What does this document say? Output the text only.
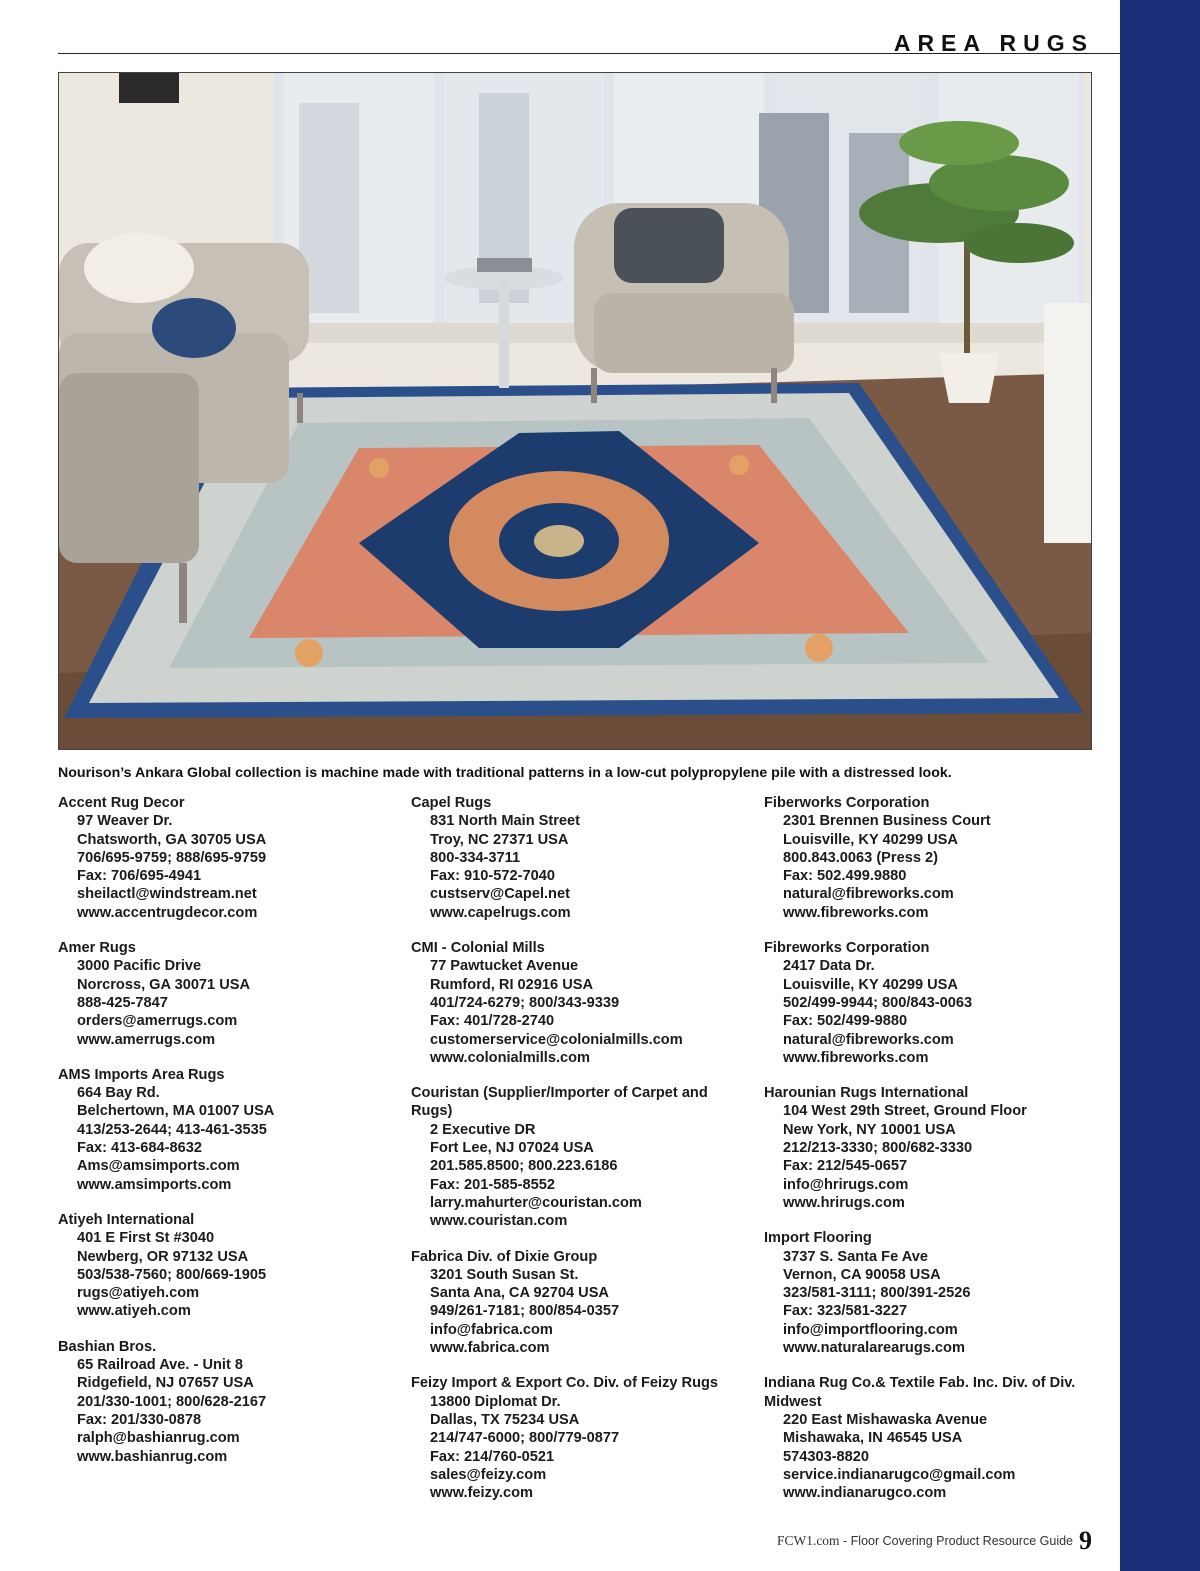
AREA RUGS
Nourison’s Ankara Global collection is machine made with traditional patterns in a low-cut polypropylene pile with a distressed look.
Accent Rug Decor
97 Weaver Dr.
Chatsworth, GA 30705 USA
706/695-9759; 888/695-9759
Fax: 706/695-4941
sheilactl@windstream.net
www.accentrugdecor.com
Amer Rugs
3000 Pacific Drive
Norcross, GA 30071 USA
888-425-7847
orders@amerrugs.com
www.amerrugs.com
AMS Imports Area Rugs
664 Bay Rd.
Belchertown, MA 01007 USA
413/253-2644; 413-461-3535
Fax: 413-684-8632
Ams@amsimports.com
www.amsimports.com
Atiyeh International
401 E First St #3040
Newberg, OR 97132 USA
503/538-7560; 800/669-1905
rugs@atiyeh.com
www.atiyeh.com
Bashian Bros.
65 Railroad Ave. - Unit 8
Ridgefield, NJ 07657 USA
201/330-1001; 800/628-2167
Fax: 201/330-0878
ralph@bashianrug.com
www.bashianrug.com
Capel Rugs
831 North Main Street
Troy, NC 27371 USA
800-334-3711
Fax: 910-572-7040
custserv@Capel.net
www.capelrugs.com
CMI - Colonial Mills
77 Pawtucket Avenue
Rumford, RI 02916 USA
401/724-6279; 800/343-9339
Fax: 401/728-2740
customerservice@colonialmills.com
www.colonialmills.com
Couristan (Supplier/Importer of Carpet and Rugs)
2 Executive DR
Fort Lee, NJ 07024 USA
201.585.8500; 800.223.6186
Fax: 201-585-8552
larry.mahurter@couristan.com
www.couristan.com
Fabrica Div. of Dixie Group
3201 South Susan St.
Santa Ana, CA 92704 USA
949/261-7181; 800/854-0357
info@fabrica.com
www.fabrica.com
Feizy Import & Export Co. Div. of Feizy Rugs
13800 Diplomat Dr.
Dallas, TX 75234 USA
214/747-6000; 800/779-0877
Fax: 214/760-0521
sales@feizy.com
www.feizy.com
Fiberworks Corporation
2301 Brennen Business Court
Louisville, KY 40299 USA
800.843.0063 (Press 2)
Fax: 502.499.9880
natural@fibreworks.com
www.fibreworks.com
Fibreworks Corporation
2417 Data Dr.
Louisville, KY 40299 USA
502/499-9944; 800/843-0063
Fax: 502/499-9880
natural@fibreworks.com
www.fibreworks.com
Harounian Rugs International
104 West 29th Street, Ground Floor
New York, NY 10001 USA
212/213-3330; 800/682-3330
Fax: 212/545-0657
info@hrirugs.com
www.hrirugs.com
Import Flooring
3737 S. Santa Fe Ave
Vernon, CA 90058 USA
323/581-3111; 800/391-2526
Fax: 323/581-3227
info@importflooring.com
www.naturalarearugs.com
Indiana Rug Co.& Textile Fab. Inc. Div. of Div. Midwest
220 East Mishawaska Avenue
Mishawaka, IN 46545 USA
574303-8820
service.indianarugco@gmail.com
www.indianarugco.com
FCW1.com - Floor Covering Product Resource Guide 9
